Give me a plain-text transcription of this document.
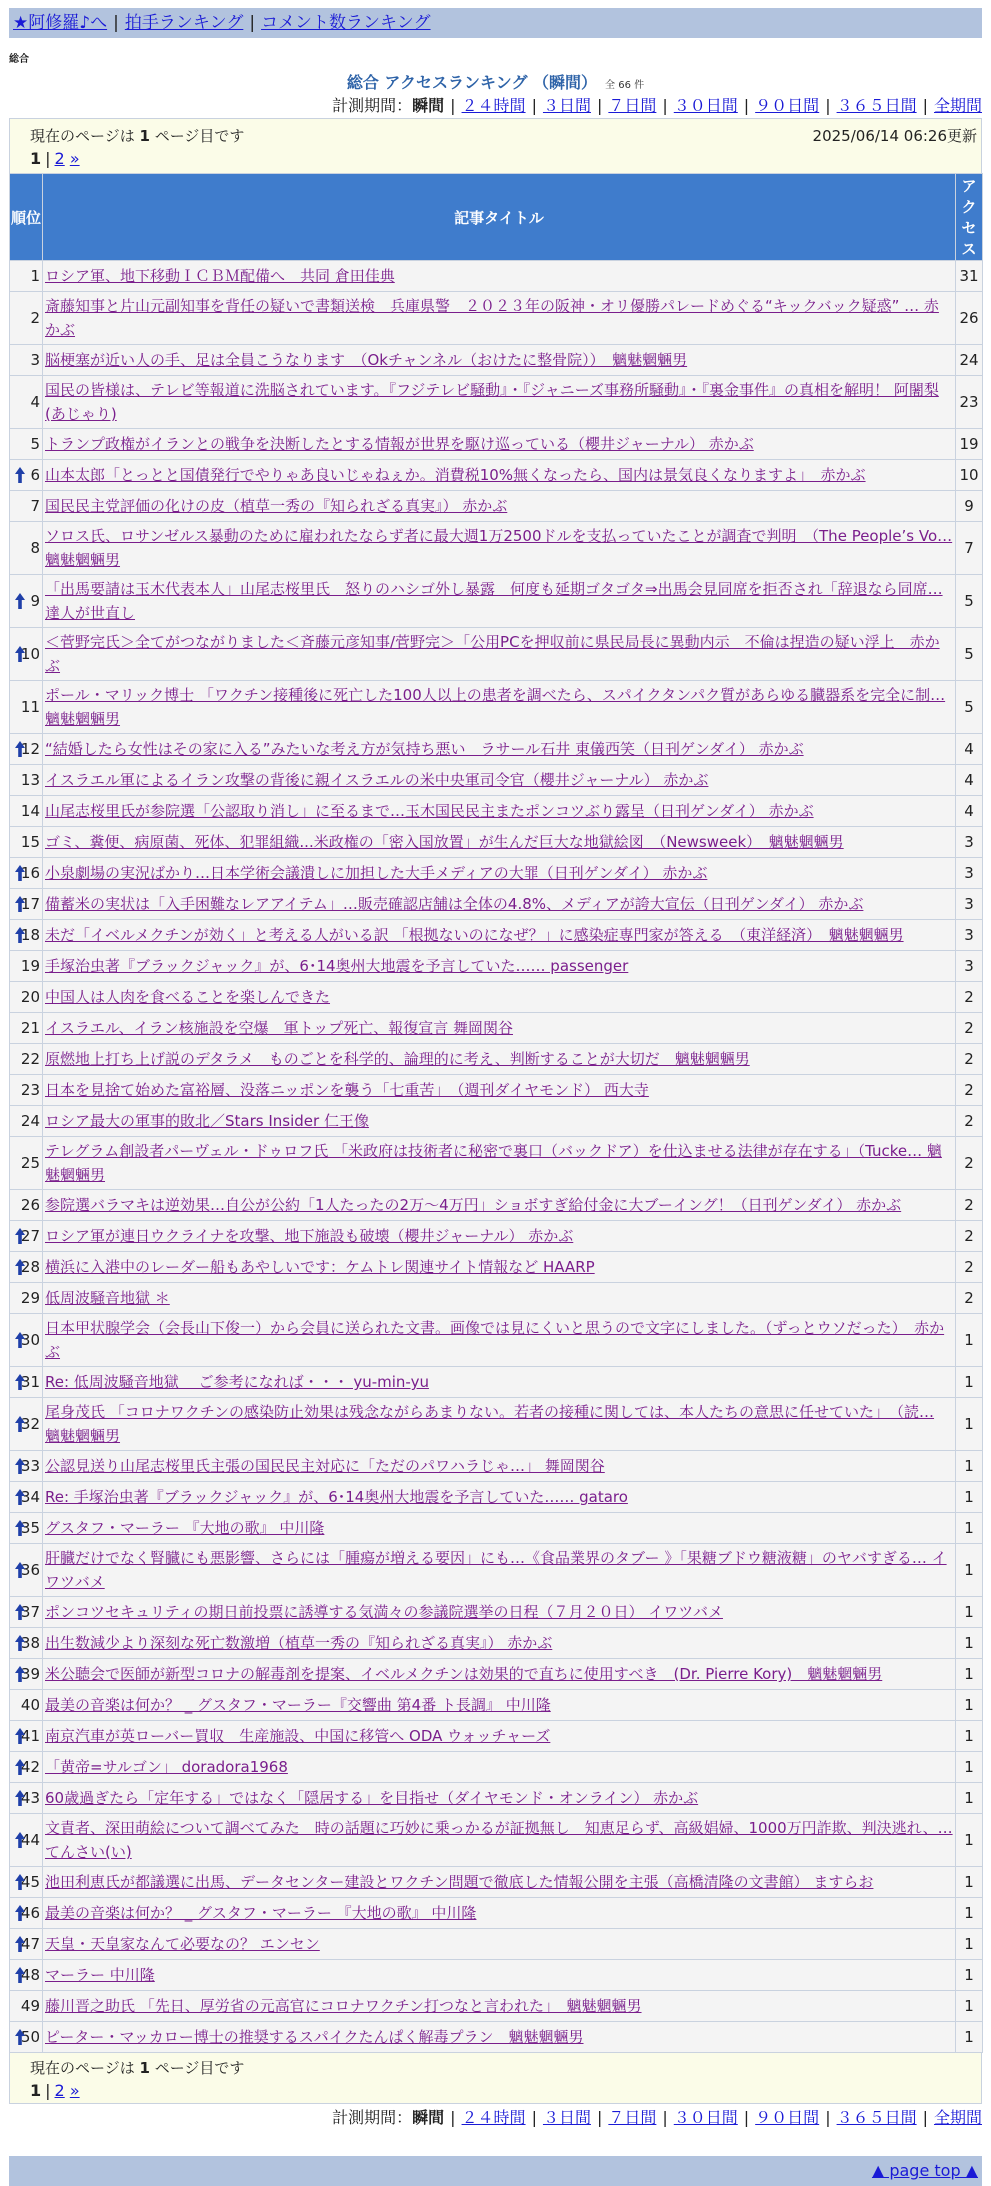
★阿修羅♪へ | 拍手ランキング | コメント数ランキング
総合
総合 アクセスランキング （瞬間） 全 66 件
計測期間：瞬間 | ２４時間 | ３日間 | ７日間 | ３０日間 | ９０日間 | ３６５日間 | 全期間
現在のページは 1 ページ目です	2025/06/14 06:26更新
1 | 2 »
順位	記事タイトル	アクセス
1	ロシア軍、地下移動ＩＣＢＭ配備へ　共同 倉田佳典	31
2	斎藤知事と片山元副知事を背任の疑いで書類送検　兵庫県警　２０２３年の阪神・オリ優勝パレードめぐる“キックバック疑惑” … 赤かぶ	26
3	脳梗塞が近い人の手、足は全員こうなります　（Okチャンネル（おけたに整骨院））　魑魅魍魎男	24
4	国民の皆様は、テレビ等報道に洗脳されています。『フジテレビ騒動』・『ジャニーズ事務所騒動』・『裏金事件』の真相を解明！ 阿闍梨(あじゃり)	23
5	トランプ政権がイランとの戦争を決断したとする情報が世界を駆け巡っている（櫻井ジャーナル） 赤かぶ	19

6	山本太郎「とっとと国債発行でやりゃあ良いじゃねぇか。消費税10%無くなったら、国内は景気良くなりますよ」　赤かぶ	10
7	国民民主党評価の化けの皮（植草一秀の『知られざる真実』） 赤かぶ	9
8	ソロス氏、ロサンゼルス暴動のために雇われたならず者に最大週1万2500ドルを支払っていたことが調査で判明　（The People’s Vo… 魑魅魍魎男	7

9	「出馬要請は玉木代表本人」山尾志桜里氏　怒りのハシゴ外し暴露　何度も延期ゴタゴタ⇒出馬会見同席を拒否され「辞退なら同席… 達人が世直し	5

10	＜菅野完氏＞全てがつながりました＜斉藤元彦知事/菅野完＞「公用PCを押収前に県民局長に異動内示　不倫は捏造の疑い浮上　赤かぶ	5
11	ポール・マリック博士 「ワクチン接種後に死亡した100人以上の患者を調べたら、スパイクタンパク質があらゆる臓器系を完全に制… 魑魅魍魎男	5

12	“結婚したら女性はその家に入る”みたいな考え方が気持ち悪い　ラサール石井 東儀西笑（日刊ゲンダイ） 赤かぶ	4
13	イスラエル軍によるイラン攻撃の背後に親イスラエルの米中央軍司令官（櫻井ジャーナル） 赤かぶ	4
14	山尾志桜里氏が参院選「公認取り消し」に至るまで…玉木国民民主またポンコツぶり露呈（日刊ゲンダイ） 赤かぶ	4
15	ゴミ、糞便、病原菌、死体、犯罪組織...米政権の「密入国放置」が生んだ巨大な地獄絵図　（Newsweek）　魑魅魍魎男	3

16	小泉劇場の実況ばかり…日本学術会議潰しに加担した大手メディアの大罪（日刊ゲンダイ） 赤かぶ	3

17	備蓄米の実状は「入手困難なレアアイテム」…販売確認店舗は全体の4.8%、メディアが誇大宣伝（日刊ゲンダイ） 赤かぶ	3

18	未だ「イベルメクチンが効く」と考える人がいる訳 「根拠ないのになぜ？」に感染症専門家が答える　（東洋経済）　魑魅魍魎男	3
19	手塚治虫著『ブラックジャック』が、6･14奥州大地震を予言していた…… passenger	3
20	中国人は人肉を食べることを楽しんできた	2
21	イスラエル、イラン核施設を空爆　軍トップ死亡、報復宣言 舞岡関谷	2
22	原燃地上打ち上げ説のデタラメ　ものごとを科学的、論理的に考え、判断することが大切だ　魑魅魍魎男	2
23	日本を見捨て始めた富裕層、没落ニッポンを襲う「七重苦」　（週刊ダイヤモンド） 西大寺	2
24	ロシア最大の軍事的敗北／Stars Insider 仁王像	2
25	テレグラム創設者パーヴェル・ドゥロフ氏 「米政府は技術者に秘密で裏口（バックドア）を仕込ませる法律が存在する」（Tucke… 魑魅魍魎男	2
26	参院選バラマキは逆効果…自公が公約「1人たったの2万〜4万円」ショボすぎ給付金に大ブーイング！（日刊ゲンダイ） 赤かぶ	2

27	ロシア軍が連日ウクライナを攻撃、地下施設も破壊（櫻井ジャーナル） 赤かぶ	2

28	横浜に入港中のレーダー船もあやしいです：ケムトレ関連サイト情報など HAARP	2
29	低周波騒音地獄 ＊	2

30	日本甲状腺学会（会長山下俊一）から会員に送られた文書。画像では見にくいと思うので文字にしました。（ずっとウソだった）　赤かぶ	1

31	Re: 低周波騒音地獄　 ご参考になれば・・・ yu-min-yu	1

32	尾身茂氏 「コロナワクチンの感染防止効果は残念ながらあまりない。若者の接種に関しては、本人たちの意思に任せていた」　（読… 魑魅魍魎男	1

33	公認見送り山尾志桜里氏主張の国民民主対応に「ただのパワハラじゃ…」 舞岡関谷	1

34	Re: 手塚治虫著『ブラックジャック』が、6･14奥州大地震を予言していた…… gataro	1

35	グスタフ・マーラー 『大地の歌』 中川隆	1

36	肝臓だけでなく腎臓にも悪影響、さらには「腫瘍が増える要因」にも…《食品業界のタブー 》「果糖ブドウ糖液糖」のヤバすぎる… イワツバメ	1

37	ポンコツセキュリティの期日前投票に誘導する気満々の参議院選挙の日程（７月２０日） イワツバメ	1

38	出生数減少より深刻な死亡数激増（植草一秀の『知られざる真実』） 赤かぶ	1

39	米公聴会で医師が新型コロナの解毒剤を提案、イベルメクチンは効果的で直ちに使用すべき　(Dr. Pierre Kory)　魑魅魍魎男	1
40	最美の音楽は何か？ _ グスタフ・マーラー『交響曲 第4番 ト長調』 中川隆	1

41	南京汽車が英ローバー買収　生産施設、中国に移管へ ODA ウォッチャーズ	1

42	「黄帝=サルゴン」 doradora1968	1

43	60歳過ぎたら「定年する」ではなく「隠居する」を目指せ（ダイヤモンド・オンライン） 赤かぶ	1

44	文責者、深田萌絵について調べてみた　時の話題に巧妙に乗っかるが証拠無し　知恵足らず、高級娼婦、1000万円詐欺、判決逃れ、… てんさい(い)	1

45	池田利恵氏が都議選に出馬、データセンター建設とワクチン問題で徹底した情報公開を主張（高橋清隆の文書館） ますらお	1

46	最美の音楽は何か？ _ グスタフ・マーラー 『大地の歌』 中川隆	1

47	天皇・天皇家なんて必要なの？ エンセン	1

48	マーラー 中川隆	1
49	藤川晋之助氏 「先日、厚労省の元高官にコロナワクチン打つなと言われた」　魑魅魍魎男	1

50	ピーター・マッカロー博士の推奨するスパイクたんぱく解毒プラン　魑魅魍魎男	1
現在のページは 1 ページ目です
1 | 2 »
計測期間：瞬間 | ２４時間 | ３日間 | ７日間 | ３０日間 | ９０日間 | ３６５日間 | 全期間
▲ page top ▲
